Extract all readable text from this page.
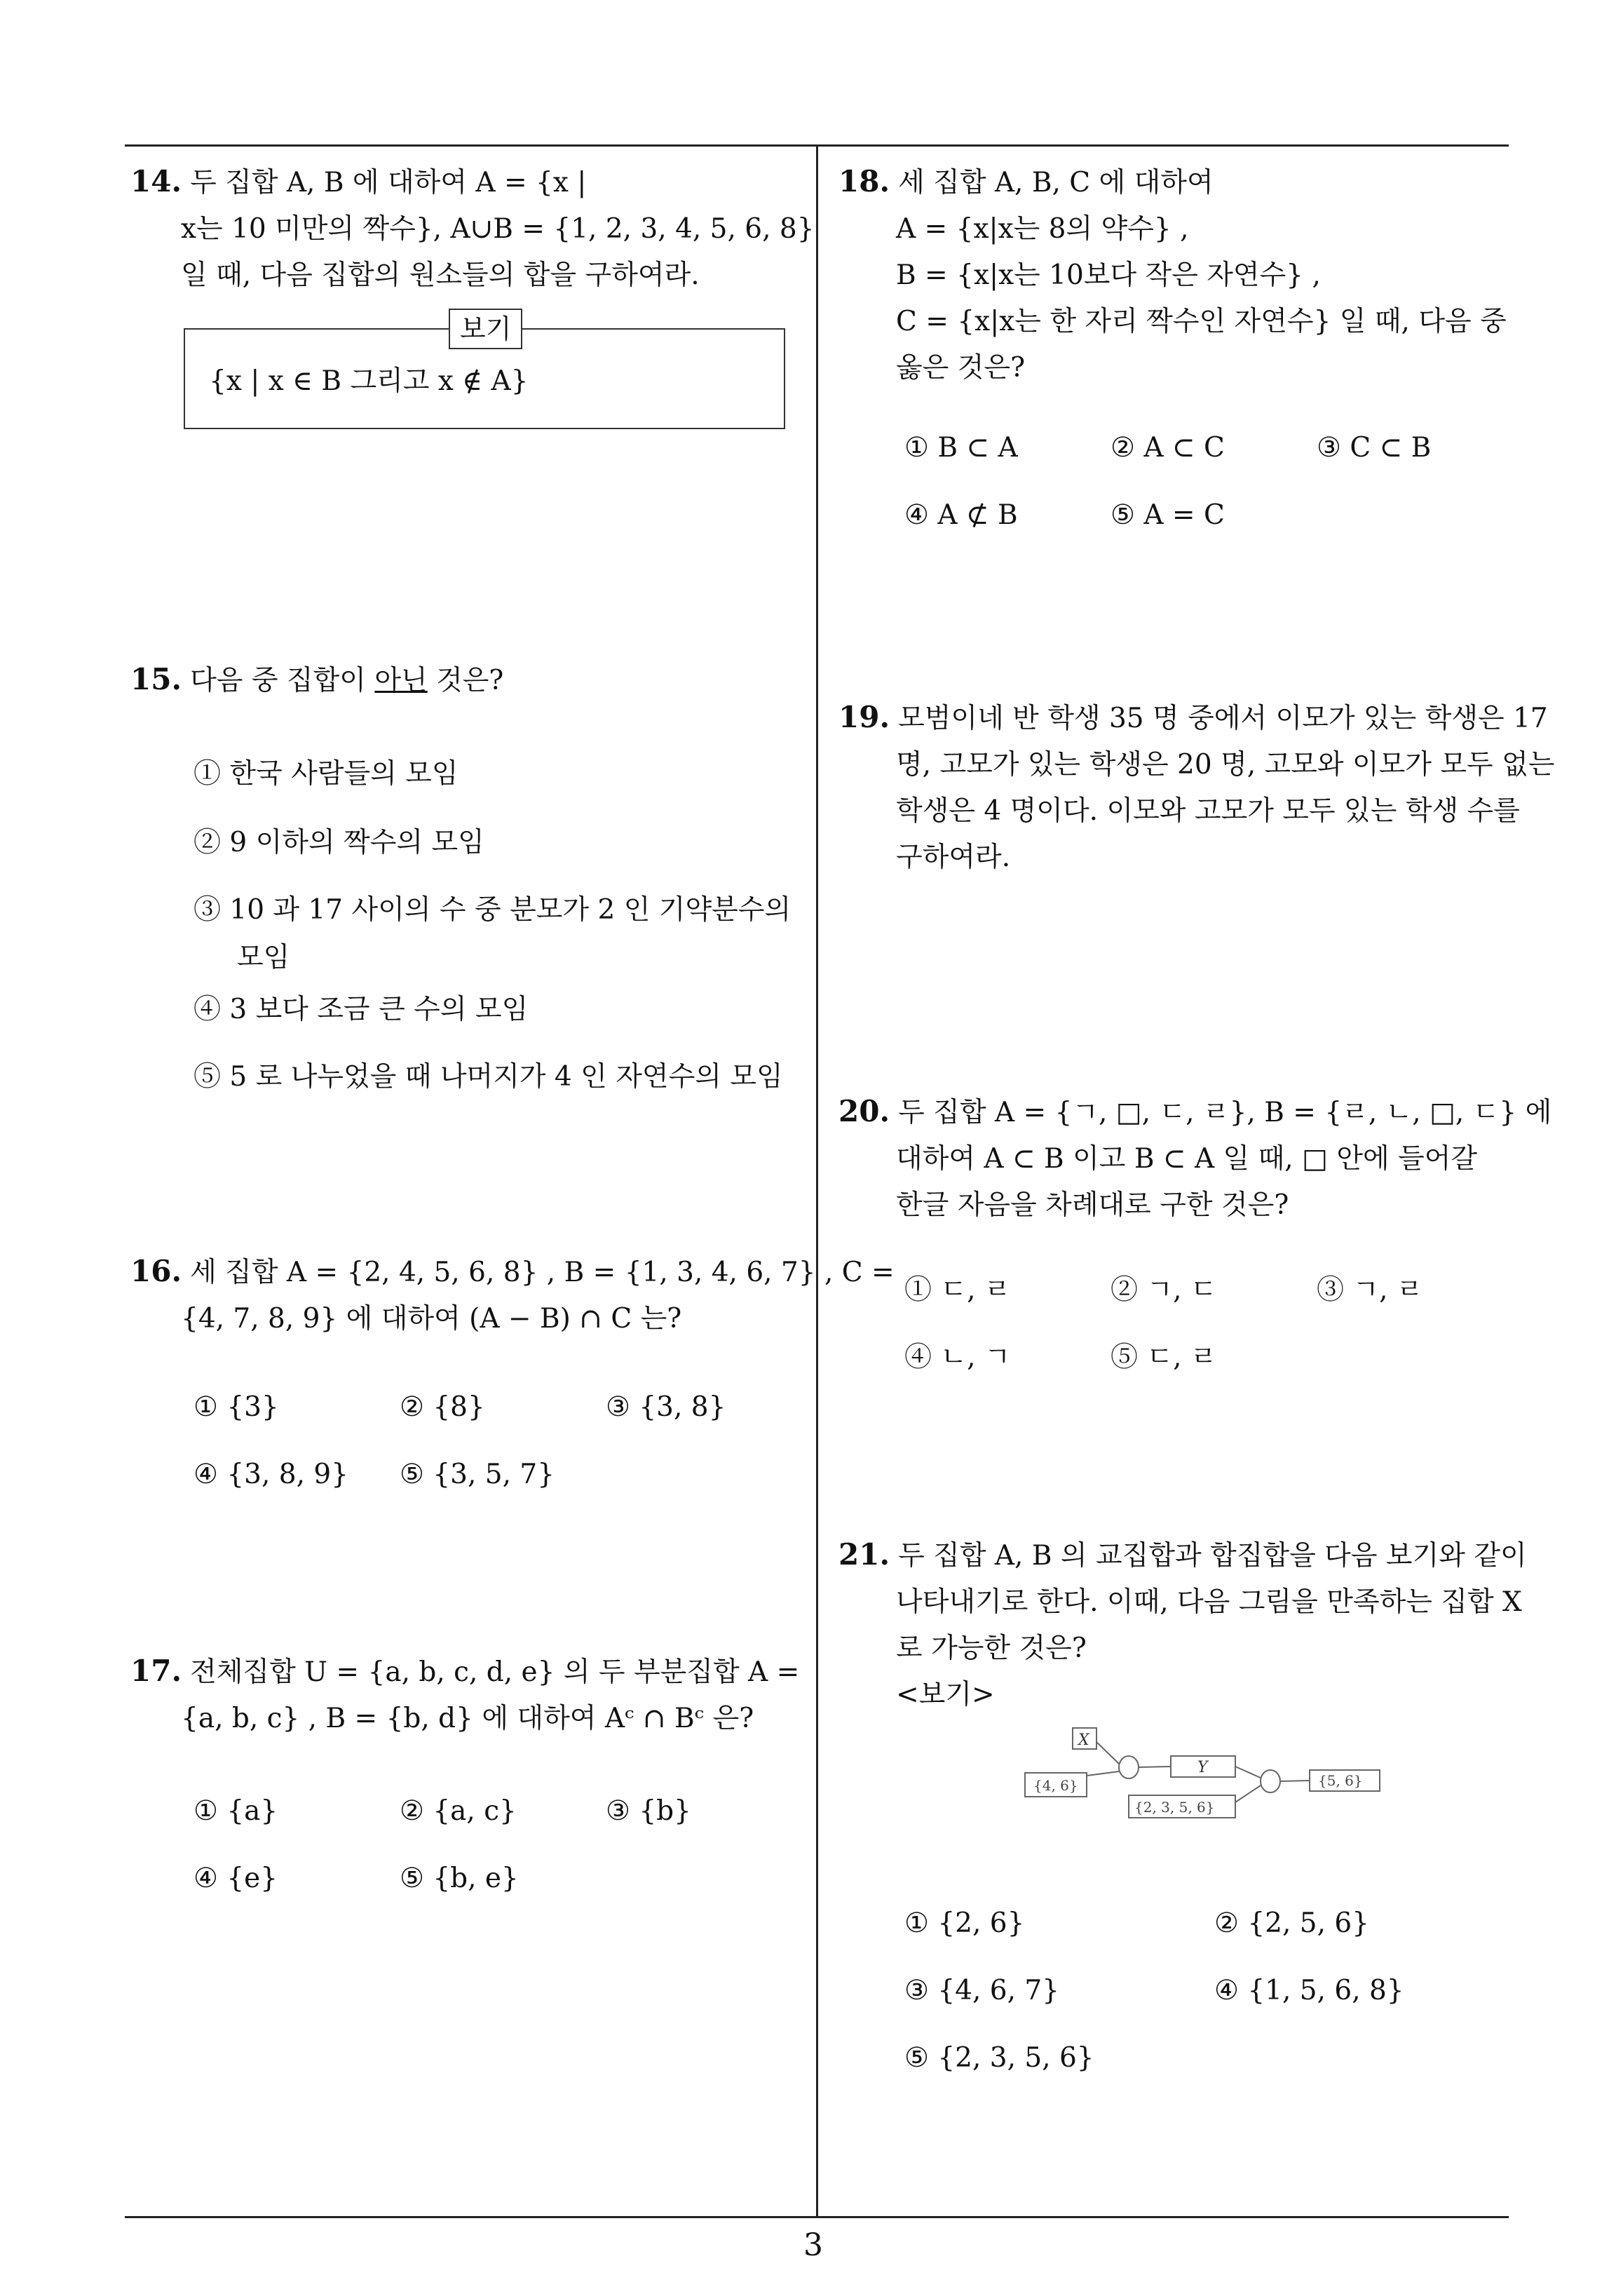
14. 두 집합 A, B 에 대하여 A = {x |
x는 10 미만의 짝수}, A∪B = {1, 2, 3, 4, 5, 6, 8}
일 때, 다음 집합의 원소들의 합을 구하여라.
보기
{x | x ∈ B 그리고 x ∉ A}
15. 다음 중 집합이 아닌 것은?
① 한국 사람들의 모임
② 9 이하의 짝수의 모임
③ 10 과 17 사이의 수 중 분모가 2 인 기약분수의
모임
④ 3 보다 조금 큰 수의 모임
⑤ 5 로 나누었을 때 나머지가 4 인 자연수의 모임
16. 세 집합 A = {2, 4, 5, 6, 8} , B = {1, 3, 4, 6, 7} , C =
{4, 7, 8, 9} 에 대하여 (A − B) ∩ C 는?
① {3}	② {8}	③ {3, 8}
④ {3, 8, 9} ⑤ {3, 5, 7}
17. 전체집합 U = {a, b, c, d, e} 의 두 부분집합 A =
{a, b, c} , B = {b, d} 에 대하여 Aᶜ ∩ Bᶜ 은?
① {a}	② {a, c}	③ {b}
④ {e}	⑤ {b, e}
18. 세 집합 A, B, C 에 대하여
A = {x|x는 8의 약수} ,
B = {x|x는 10보다 작은 자연수} ,
C = {x|x는 한 자리 짝수인 자연수} 일 때, 다음 중
옳은 것은?
① B ⊂ A	② A ⊂ C	③ C ⊂ B
④ A ⊄ B	⑤ A = C
19. 모범이네 반 학생 35 명 중에서 이모가 있는 학생은 17
명, 고모가 있는 학생은 20 명, 고모와 이모가 모두 없는
학생은 4 명이다. 이모와 고모가 모두 있는 학생 수를
구하여라.
20. 두 집합 A = {ㄱ, □, ㄷ, ㄹ}, B = {ㄹ, ㄴ, □, ㄷ} 에
대하여 A ⊂ B 이고 B ⊂ A 일 때, □ 안에 들어갈
한글 자음을 차례대로 구한 것은?
① ㄷ, ㄹ	② ㄱ, ㄷ	③ ㄱ, ㄹ
④ ㄴ, ㄱ	⑤ ㄷ, ㄹ
21. 두 집합 A, B 의 교집합과 합집합을 다음 보기와 같이
나타내기로 한다. 이때, 다음 그림을 만족하는 집합 X
로 가능한 것은?
<보기>
X
Y
{4, 6}
{2, 3, 5, 6}
{5, 6}
① {2, 6}	② {2, 5, 6}
③ {4, 6, 7}	④ {1, 5, 6, 8}
⑤ {2, 3, 5, 6}
3
